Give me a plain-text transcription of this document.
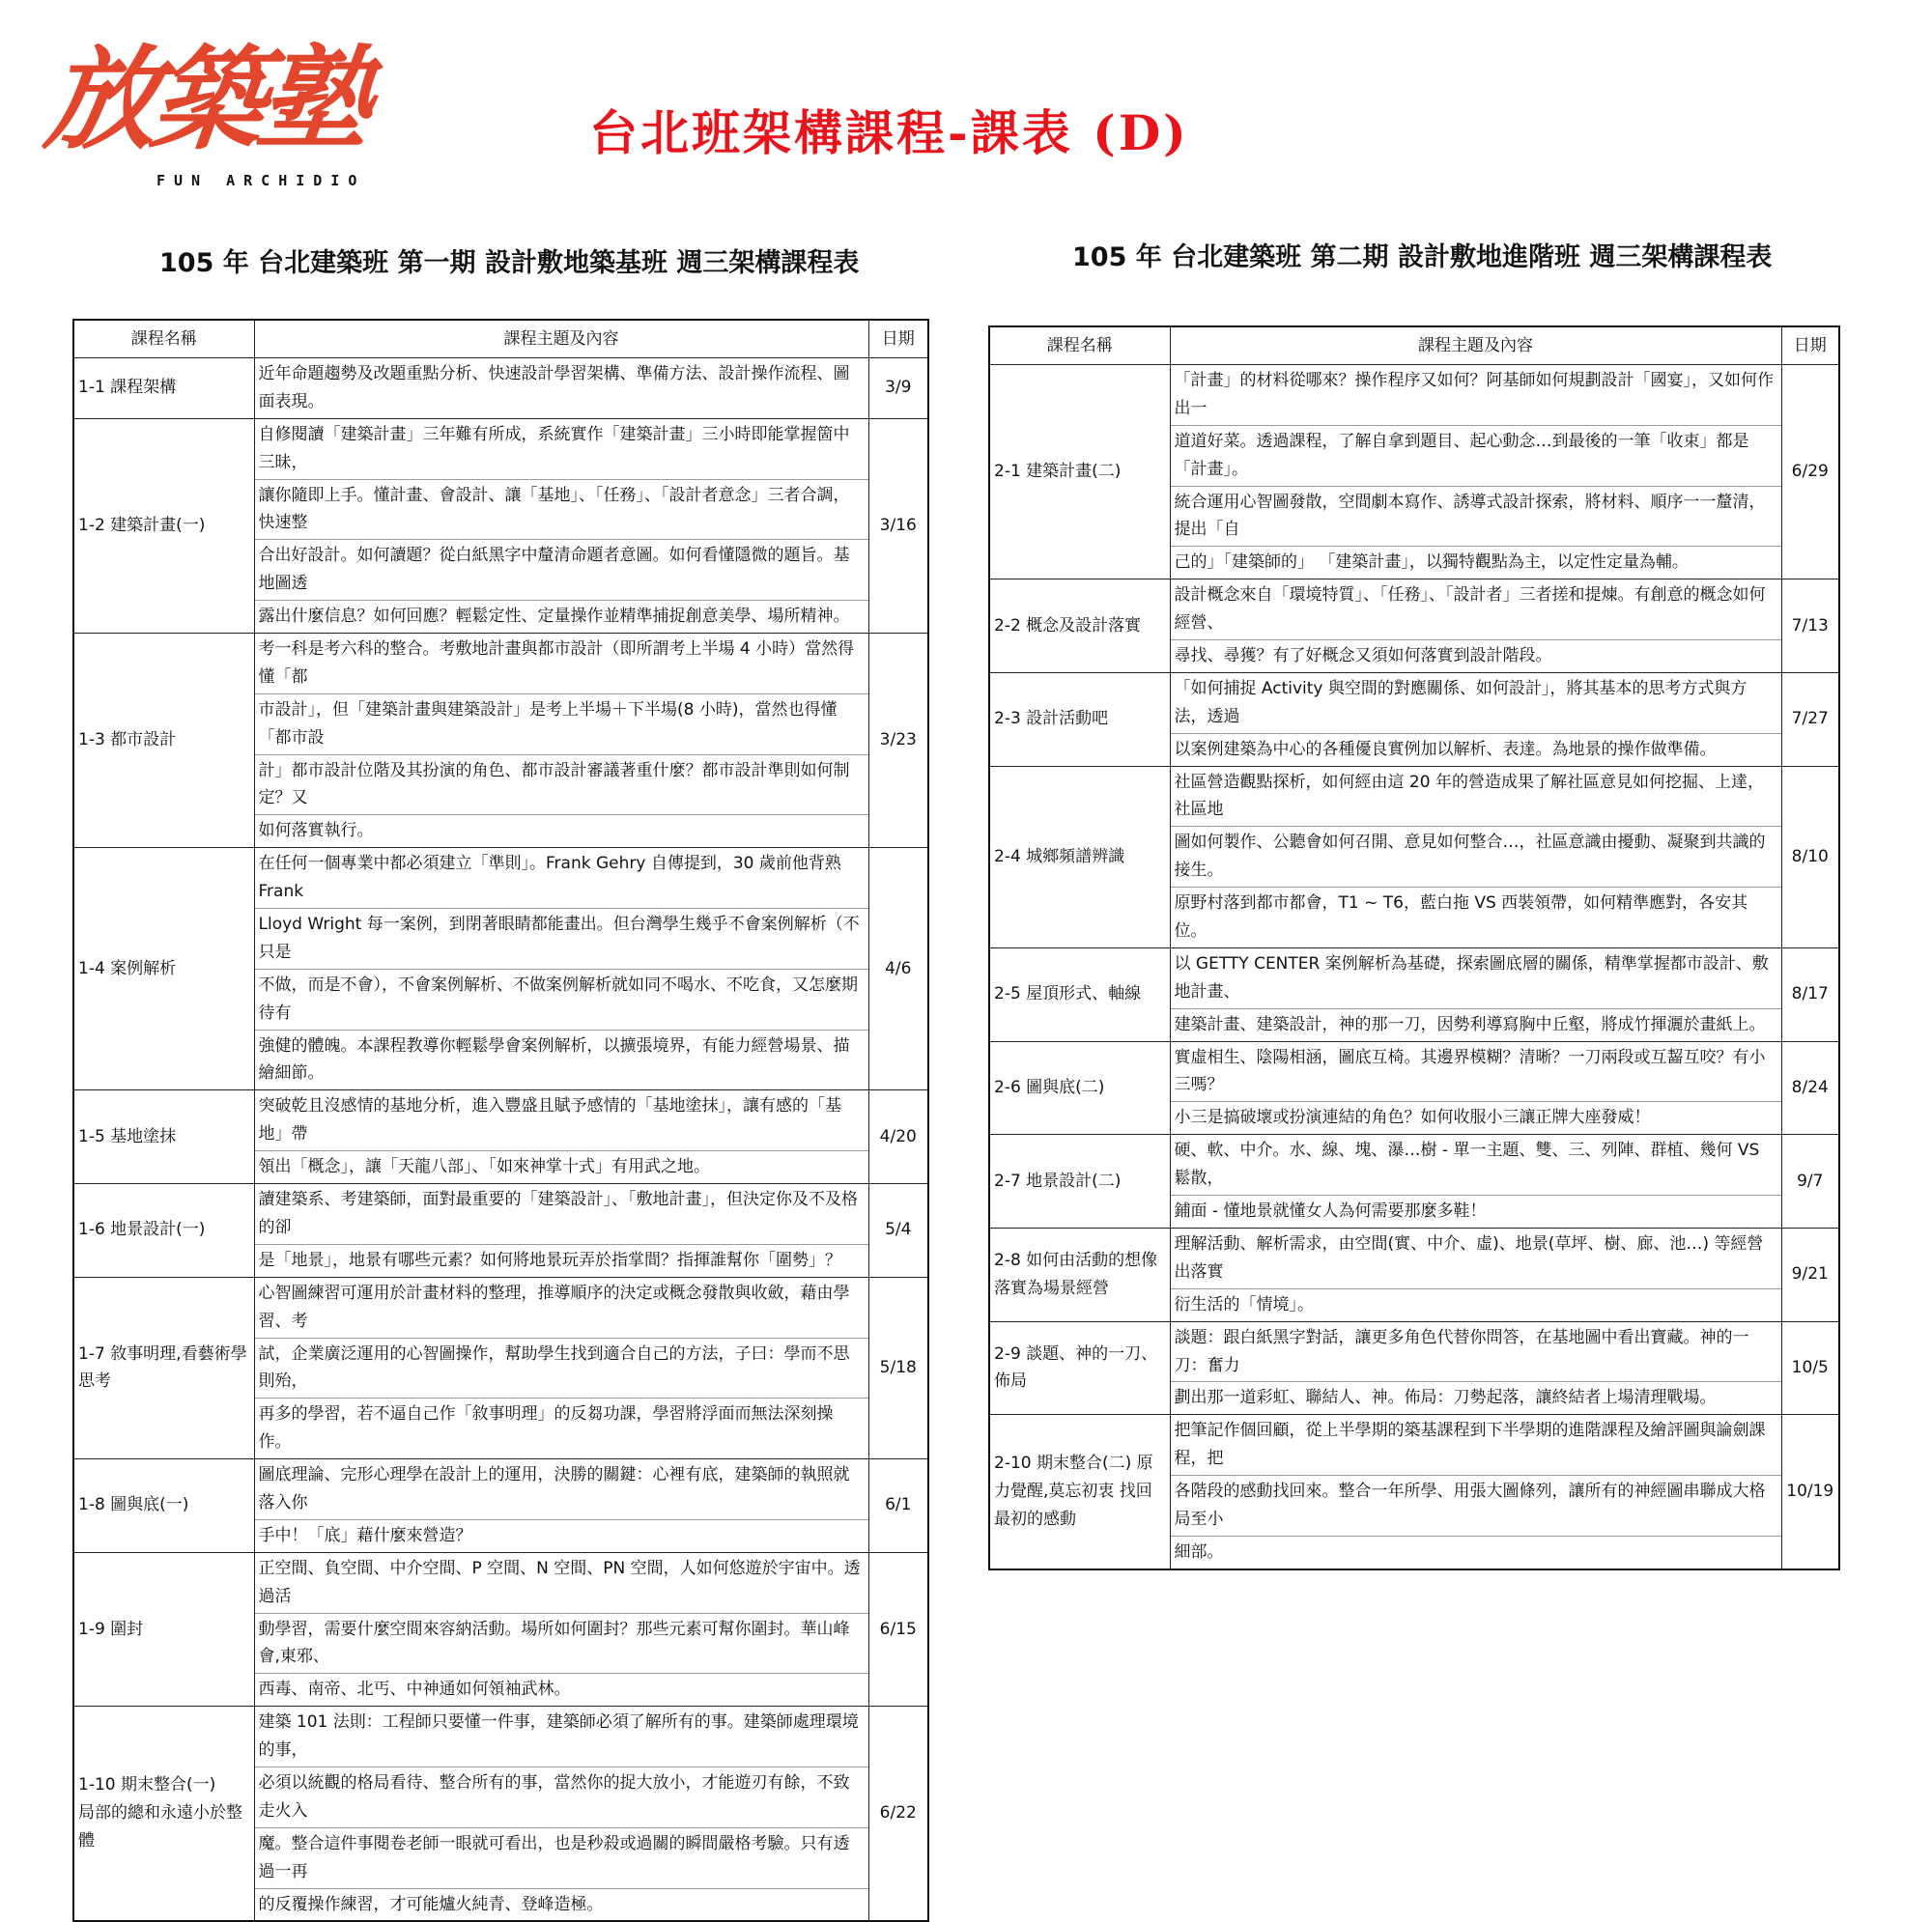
放築塾
FUN ARCHIDIO
台北班架構課程-課表 (D)
105 年 台北建築班 第一期 設計敷地築基班 週三架構課程表	105 年 台北建築班 第二期 設計敷地進階班 週三架構課程表
課程名稱	課程主題及內容	日期
1-1 課程架構	近年命題趨勢及改題重點分析、快速設計學習架構、準備方法、設計操作流程、圖面表現。	3/9
1-2 建築計畫(一)	自修閱讀「建築計畫」三年難有所成，系統實作「建築計畫」三小時即能掌握箇中三昧，
讓你隨即上手。懂計畫、會設計、讓「基地」、「任務」、「設計者意念」三者合調，快速整
合出好設計。如何讀題？從白紙黑字中釐清命題者意圖。如何看懂隱微的題旨。基地圖透
露出什麼信息？如何回應？輕鬆定性、定量操作並精準捕捉創意美學、場所精神。	3/16
1-3 都市設計	考一科是考六科的整合。考敷地計畫與都市設計（即所謂考上半場 4 小時）當然得懂「都
市設計」，但「建築計畫與建築設計」是考上半場＋下半場(8 小時)，當然也得懂「都市設
計」都市設計位階及其扮演的角色、都市設計審議著重什麼？都市設計準則如何制定？又
如何落實執行。	3/23
1-4 案例解析	在任何一個專業中都必須建立「準則」。Frank Gehry 自傳提到，30 歲前他背熟 Frank
Lloyd Wright 每一案例，到閉著眼睛都能畫出。但台灣學生幾乎不會案例解析（不只是
不做，而是不會），不會案例解析、不做案例解析就如同不喝水、不吃食，又怎麼期待有
強健的體魄。本課程教導你輕鬆學會案例解析，以擴張境界，有能力經營場景、描繪細節。	4/6
1-5 基地塗抹	突破乾且沒感情的基地分析，進入豐盛且賦予感情的「基地塗抹」，讓有感的「基地」帶
領出「概念」，讓「天龍八部」、「如來神掌十式」有用武之地。	4/20
1-6 地景設計(一)	讀建築系、考建築師，面對最重要的「建築設計」、「敷地計畫」，但決定你及不及格的卻
是「地景」，地景有哪些元素？如何將地景玩弄於指掌間？指揮誰幫你「圍勢」？	5/4
1-7 敘事明理,看藝術學思考	心智圖練習可運用於計畫材料的整理，推導順序的決定或概念發散與收斂，藉由學習、考
試，企業廣泛運用的心智圖操作，幫助學生找到適合自己的方法，子曰：學而不思則殆，
再多的學習，若不逼自己作「敘事明理」的反芻功課，學習將浮面而無法深刻操作。	5/18
1-8 圖與底(一)	圖底理論、完形心理學在設計上的運用，決勝的關鍵：心裡有底，建築師的執照就落入你
手中！「底」藉什麼來營造？	6/1
1-9 圍封	正空間、負空間、中介空間、P 空間、N 空間、PN 空間，人如何悠遊於宇宙中。透過活
動學習，需要什麼空間來容納活動。場所如何圍封？那些元素可幫你圍封。華山峰會,東邪、
西毒、南帝、北丐、中神通如何領袖武林。	6/15
1-10 期末整合(一)
局部的總和永遠小於整體	建築 101 法則：工程師只要懂一件事，建築師必須了解所有的事。建築師處理環境的事，
必須以統觀的格局看待、整合所有的事，當然你的捉大放小，才能遊刃有餘，不致走火入
魔。整合這件事閱卷老師一眼就可看出，也是秒殺或過關的瞬間嚴格考驗。只有透過一再
的反覆操作練習，才可能爐火純青、登峰造極。	6/22
課程名稱	課程主題及內容	日期
2-1 建築計畫(二)	「計畫」的材料從哪來？操作程序又如何？阿基師如何規劃設計「國宴」，又如何作出一
道道好菜。透過課程，了解自拿到題目、起心動念…到最後的一筆「收束」都是「計畫」。
統合運用心智圖發散，空間劇本寫作、誘導式設計探索，將材料、順序一一釐清，提出「自
己的」「建築師的」 「建築計畫」，以獨特觀點為主，以定性定量為輔。	6/29
2-2 概念及設計落實	設計概念來自「環境特質」、「任務」、「設計者」三者搓和提煉。有創意的概念如何經營、
尋找、尋獲？有了好概念又須如何落實到設計階段。	7/13
2-3 設計活動吧	「如何捕捉 Activity 與空間的對應關係、如何設計」，將其基本的思考方式與方法，透過
以案例建築為中心的各種優良實例加以解析、表達。為地景的操作做準備。	7/27
2-4 城鄉頻譜辨識	社區營造觀點探析，如何經由這 20 年的營造成果了解社區意見如何挖掘、上達，社區地
圖如何製作、公聽會如何召開、意見如何整合…，社區意識由擾動、凝聚到共識的接生。
原野村落到都市都會，T1 ~ T6，藍白拖 VS 西裝領帶，如何精準應對，各安其位。	8/10
2-5 屋頂形式、軸線	以 GETTY CENTER 案例解析為基礎，探索圖底層的關係，精準掌握都市設計、敷地計畫、
建築計畫、建築設計，神的那一刀，因勢利導寫胸中丘壑，將成竹揮灑於畫紙上。	8/17
2-6 圖與底(二)	實虛相生、陰陽相涵，圖底互椅。其邊界模糊？清晰？一刀兩段或互齧互咬？有小三嗎？
小三是搞破壞或扮演連結的角色？如何收服小三讓正牌大座發威！	8/24
2-7 地景設計(二)	硬、軟、中介。水、線、塊、瀑…樹 - 單一主題、雙、三、列陣、群植、幾何 VS 鬆散，
鋪面 - 懂地景就懂女人為何需要那麼多鞋！	9/7
2-8 如何由活動的想像落實為場景經營	理解活動、解析需求，由空間(實、中介、虛)、地景(草坪、樹、廊、池…) 等經營出落實
衍生活的「情境」。	9/21
2-9 談題、神的一刀、佈局	談題：跟白紙黑字對話，讓更多角色代替你問答，在基地圖中看出寶藏。神的一刀：奮力
劃出那一道彩虹、聯結人、神。佈局：刀勢起落，讓終結者上場清理戰場。	10/5
2-10 期末整合(二) 原力覺醒,莫忘初衷 找回最初的感動	把筆記作個回顧，從上半學期的築基課程到下半學期的進階課程及繪評圖與論劍課程，把
各階段的感動找回來。整合一年所學、用張大圖條列，讓所有的神經圖串聯成大格局至小
細部。	10/19
